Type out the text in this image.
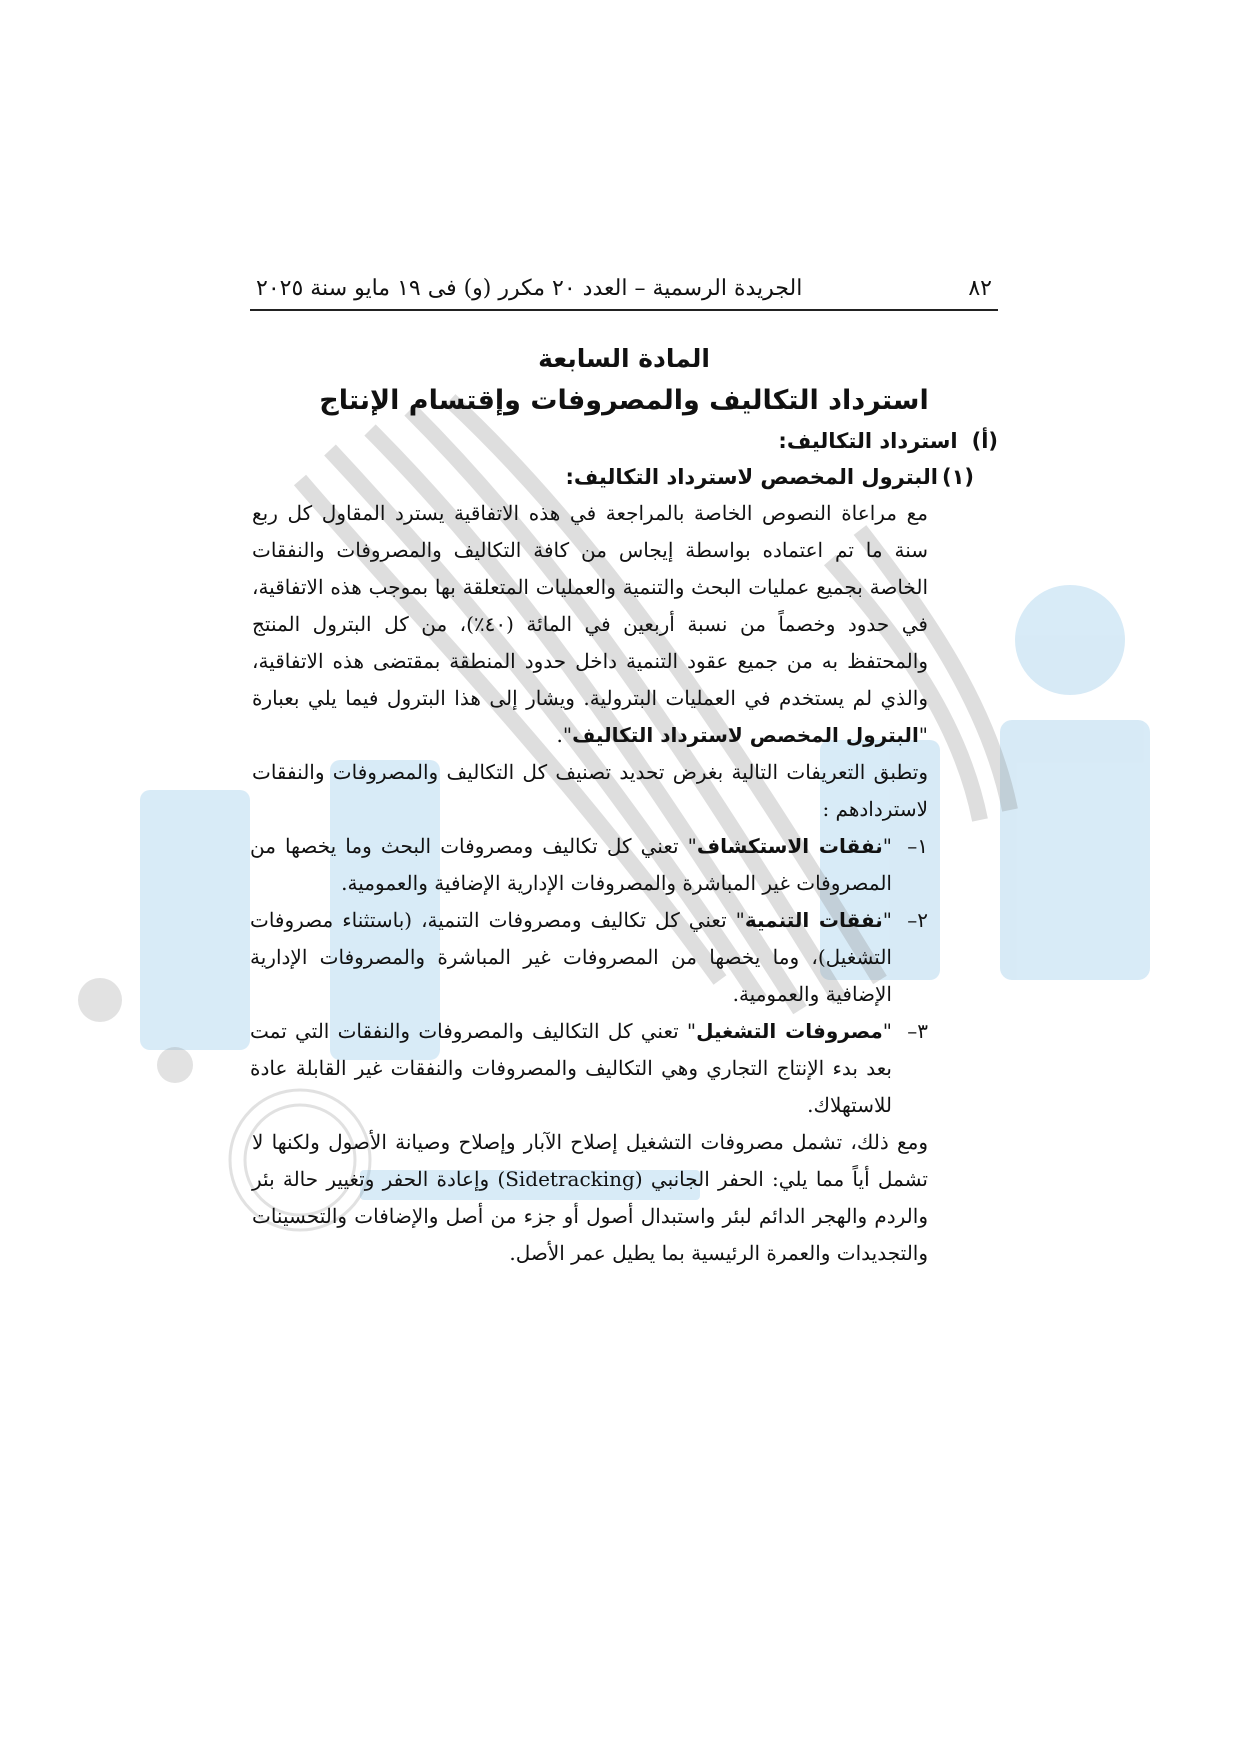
٨٢
الجريدة الرسمية – العدد ٢٠ مكرر (و) فى ١٩ مايو سنة ٢٠٢٥
المادة السابعة
استرداد التكاليف والمصروفات وإقتسام الإنتاج
(أ)
استرداد التكاليف:
(١)
البترول المخصص لاسترداد التكاليف:

مع مراعاة النصوص الخاصة بالمراجعة في هذه الاتفاقية يسترد المقاول كل ربع سنة ما تم اعتماده بواسطة إيجاس من كافة التكاليف والمصروفات والنفقات الخاصة بجميع عمليات البحث والتنمية والعمليات المتعلقة بها بموجب هذه الاتفاقية، في حدود وخصماً من نسبة أربعين في المائة (٤٠٪)، من كل البترول المنتج والمحتفظ به من جميع عقود التنمية داخل حدود المنطقة بمقتضى هذه الاتفاقية، والذي لم يستخدم في العمليات البترولية. ويشار إلى هذا البترول فيما يلي بعبارة "البترول المخصص لاسترداد التكاليف".

وتطبق التعريفات التالية بغرض تحديد تصنيف كل التكاليف والمصروفات والنفقات لاستردادهم :

١–
"نفقات الاستكشاف" تعني كل تكاليف ومصروفات البحث وما يخصها من المصروفات غير المباشرة والمصروفات الإدارية الإضافية والعمومية.
٢–
"نفقات التنمية" تعني كل تكاليف ومصروفات التنمية، (باستثناء مصروفات التشغيل)، وما يخصها من المصروفات غير المباشرة والمصروفات الإدارية الإضافية والعمومية.
٣–
"مصروفات التشغيل" تعني كل التكاليف والمصروفات والنفقات التي تمت بعد بدء الإنتاج التجاري وهي التكاليف والمصروفات والنفقات غير القابلة عادة للاستهلاك.

ومع ذلك، تشمل مصروفات التشغيل إصلاح الآبار وإصلاح وصيانة الأصول ولكنها لا تشمل أياً مما يلي: الحفر الجانبي (Sidetracking) وإعادة الحفر وتغيير حالة بئر والردم والهجر الدائم لبئر واستبدال أصول أو جزء من أصل والإضافات والتحسينات والتجديدات والعمرة الرئيسية بما يطيل عمر الأصل.
